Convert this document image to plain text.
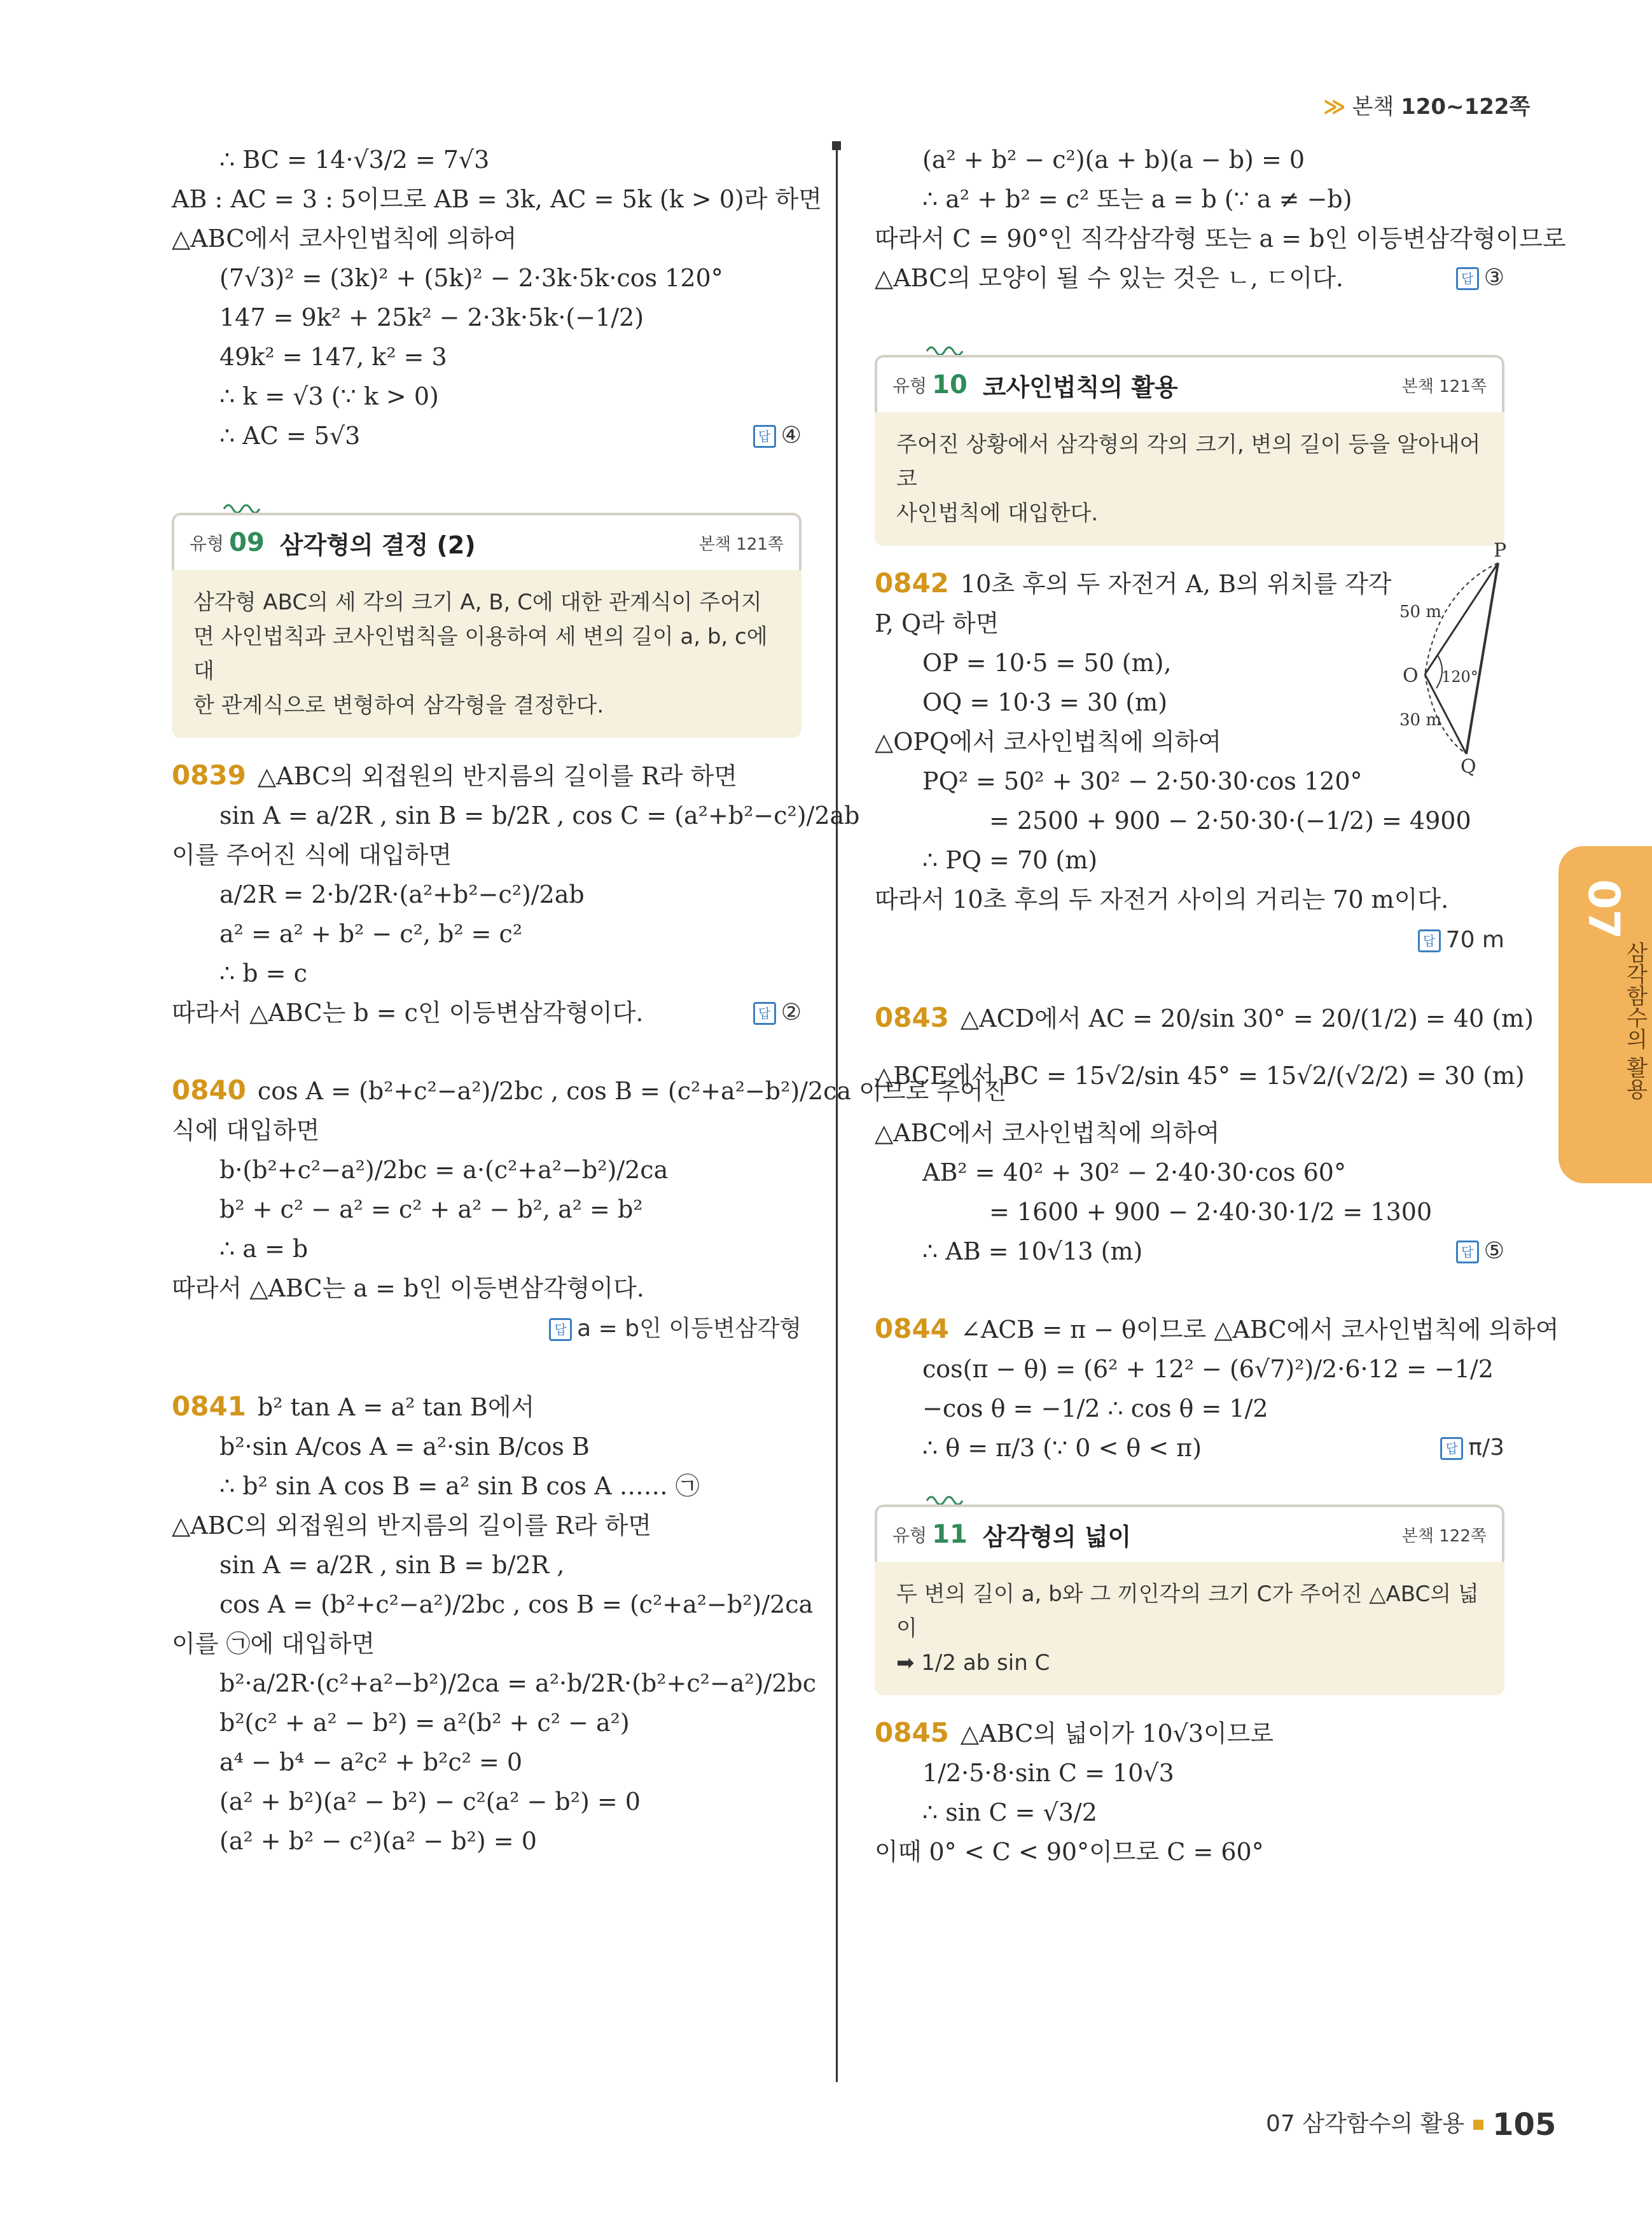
≫ 본책 120~122쪽
∴ BC = 14·√3/2 = 7√3
AB : AC = 3 : 5이므로 AB = 3k, AC = 5k (k > 0)라 하면
△ABC에서 코사인법칙에 의하여
(7√3)² = (3k)² + (5k)² − 2·3k·5k·cos 120°
147 = 9k² + 25k² − 2·3k·5k·(−1/2)
49k² = 147, k² = 3
∴ k = √3 (∵ k > 0)
∴ AC = 5√3	답 ④
유형 09 삼각형의 결정 (2)	본책 121쪽
삼각형 ABC의 세 각의 크기 A, B, C에 대한 관계식이 주어지
면 사인법칙과 코사인법칙을 이용하여 세 변의 길이 a, b, c에 대
한 관계식으로 변형하여 삼각형을 결정한다.
0839 △ABC의 외접원의 반지름의 길이를 R라 하면
sin A = a/2R , sin B = b/2R , cos C = (a²+b²−c²)/2ab
이를 주어진 식에 대입하면
a/2R = 2·b/2R·(a²+b²−c²)/2ab
a² = a² + b² − c², b² = c²
∴ b = c
따라서 △ABC는 b = c인 이등변삼각형이다.	답 ②
0840 cos A = (b²+c²−a²)/2bc , cos B = (c²+a²−b²)/2ca 이므로 주어진
식에 대입하면
b·(b²+c²−a²)/2bc = a·(c²+a²−b²)/2ca
b² + c² − a² = c² + a² − b², a² = b²
∴ a = b
따라서 △ABC는 a = b인 이등변삼각형이다.
답 a = b인 이등변삼각형
0841 b² tan A = a² tan B에서
b²·sin A/cos A = a²·sin B/cos B
∴ b² sin A cos B = a² sin B cos A …… ㉠
△ABC의 외접원의 반지름의 길이를 R라 하면
sin A = a/2R , sin B = b/2R ,
cos A = (b²+c²−a²)/2bc , cos B = (c²+a²−b²)/2ca
이를 ㉠에 대입하면
b²·a/2R·(c²+a²−b²)/2ca = a²·b/2R·(b²+c²−a²)/2bc
b²(c² + a² − b²) = a²(b² + c² − a²)
a⁴ − b⁴ − a²c² + b²c² = 0
(a² + b²)(a² − b²) − c²(a² − b²) = 0
(a² + b² − c²)(a² − b²) = 0
(a² + b² − c²)(a + b)(a − b) = 0
∴ a² + b² = c² 또는 a = b (∵ a ≠ −b)
따라서 C = 90°인 직각삼각형 또는 a = b인 이등변삼각형이므로
△ABC의 모양이 될 수 있는 것은 ㄴ, ㄷ이다.	답 ③
유형 10 코사인법칙의 활용	본책 121쪽
주어진 상황에서 삼각형의 각의 크기, 변의 길이 등을 알아내어 코
사인법칙에 대입한다.
0842 10초 후의 두 자전거 A, B의 위치를 각각
P, Q라 하면
OP = 10·5 = 50 (m),
OQ = 10·3 = 30 (m)
△OPQ에서 코사인법칙에 의하여
PQ² = 50² + 30² − 2·50·30·cos 120°
= 2500 + 900 − 2·50·30·(−1/2) = 4900
∴ PQ = 70 (m)
따라서 10초 후의 두 자전거 사이의 거리는 70 m이다.
답 70 m
0843 △ACD에서 AC = 20/sin 30° = 20/(1/2) = 40 (m)
△BCE에서 BC = 15√2/sin 45° = 15√2/(√2/2) = 30 (m)
△ABC에서 코사인법칙에 의하여
AB² = 40² + 30² − 2·40·30·cos 60°
= 1600 + 900 − 2·40·30·1/2 = 1300
∴ AB = 10√13 (m)	답 ⑤
0844 ∠ACB = π − θ이므로 △ABC에서 코사인법칙에 의하여
cos(π − θ) = (6² + 12² − (6√7)²)/2·6·12 = −1/2
−cos θ = −1/2 ∴ cos θ = 1/2
∴ θ = π/3 (∵ 0 < θ < π)	답 π/3
유형 11 삼각형의 넓이	본책 122쪽
두 변의 길이 a, b와 그 끼인각의 크기 C가 주어진 △ABC의 넓이
➡ 1/2 ab sin C
0845 △ABC의 넓이가 10√3이므로
1/2·5·8·sin C = 10√3
∴ sin C = √3/2
이때 0° < C < 90°이므로 C = 60°
P
Q
O
50 m
30 m
120°
07
삼각함수의 활용
07 삼각함수의 활용 105
